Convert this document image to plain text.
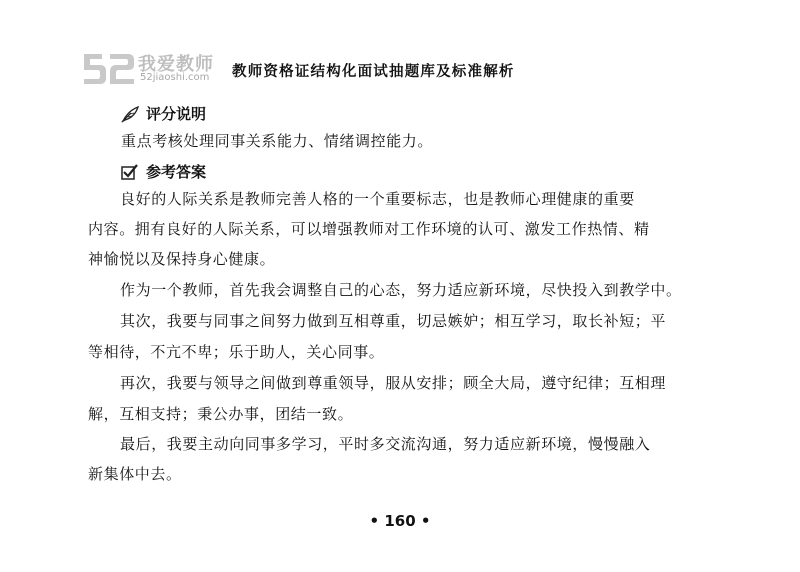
我爱教师
52jiaoshi.com 教师资格证结构化面试抽题库及标准解析
评分说明
重点考核处理同事关系能力、情绪调控能力。
参考答案
良好的人际关系是教师完善人格的一个重要标志，也是教师心理健康的重要
内容。拥有良好的人际关系，可以增强教师对工作环境的认可、激发工作热情、精
神愉悦以及保持身心健康。
作为一个教师，首先我会调整自己的心态，努力适应新环境，尽快投入到教学中。
其次，我要与同事之间努力做到互相尊重，切忌嫉妒；相互学习，取长补短；平
等相待，不亢不卑；乐于助人，关心同事。
再次，我要与领导之间做到尊重领导，服从安排；顾全大局，遵守纪律；互相理
解，互相支持；秉公办事，团结一致。
最后，我要主动向同事多学习，平时多交流沟通，努力适应新环境，慢慢融入
新集体中去。
• 160 •
